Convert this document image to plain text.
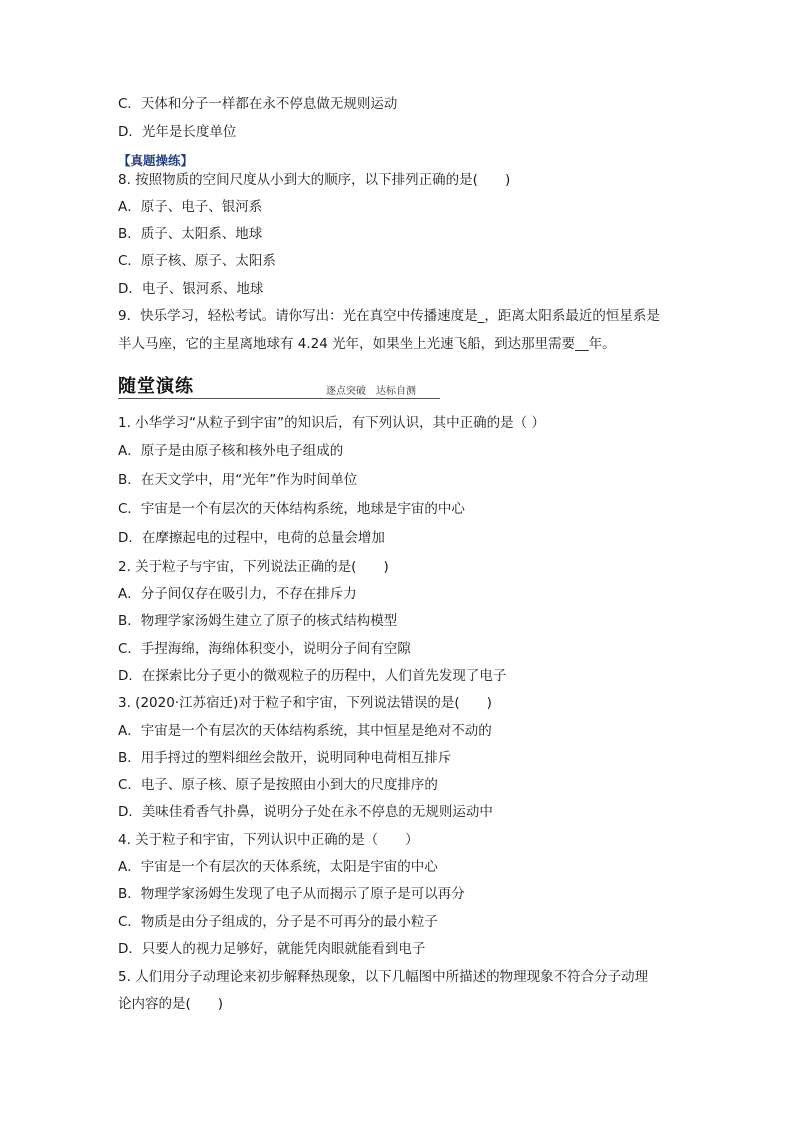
C．天体和分子一样都在永不停息做无规则运动
D．光年是长度单位
【真题操练】
8. 按照物质的空间尺度从小到大的顺序，以下排列正确的是(　　)
A．原子、电子、银河系
B．质子、太阳系、地球
C．原子核、原子、太阳系
D．电子、银河系、地球
9．快乐学习，轻松考试。请你写出：光在真空中传播速度是_，距离太阳系最近的恒星系是
半人马座，它的主星离地球有 4.24 光年，如果坐上光速飞船，到达那里需要__年。
随堂演练	逐点突破　达标自测
1. 小华学习“从粒子到宇宙”的知识后，有下列认识，其中正确的是（ ）
A．原子是由原子核和核外电子组成的
B．在天文学中，用“光年”作为时间单位
C．宇宙是一个有层次的天体结构系统，地球是宇宙的中心
D．在摩擦起电的过程中，电荷的总量会增加
2. 关于粒子与宇宙，下列说法正确的是(　　)
A．分子间仅存在吸引力，不存在排斥力
B．物理学家汤姆生建立了原子的核式结构模型
C．手捏海绵，海绵体积变小，说明分子间有空隙
D．在探索比分子更小的微观粒子的历程中，人们首先发现了电子
3. (2020·江苏宿迁)对于粒子和宇宙，下列说法错误的是(　　)
A．宇宙是一个有层次的天体结构系统，其中恒星是绝对不动的
B．用手捋过的塑料细丝会散开，说明同种电荷相互排斥
C．电子、原子核、原子是按照由小到大的尺度排序的
D．美味佳肴香气扑鼻，说明分子处在永不停息的无规则运动中
4. 关于粒子和宇宙，下列认识中正确的是（　　）
A．宇宙是一个有层次的天体系统，太阳是宇宙的中心
B．物理学家汤姆生发现了电子从而揭示了原子是可以再分
C．物质是由分子组成的，分子是不可再分的最小粒子
D．只要人的视力足够好，就能凭肉眼就能看到电子
5. 人们用分子动理论来初步解释热现象，以下几幅图中所描述的物理现象不符合分子动理
论内容的是(　　)
